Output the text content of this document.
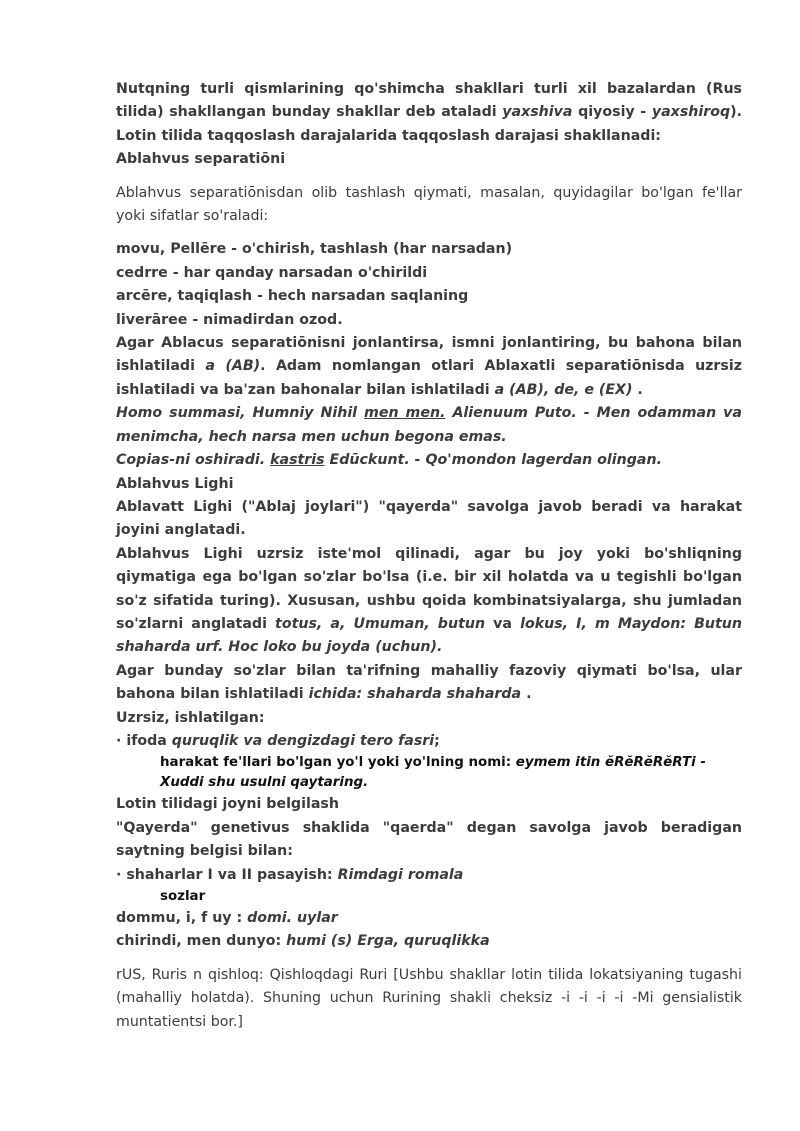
Nutqning turli qismlarining qo'shimcha shakllari turli xil bazalardan (Rus tilida) shakllangan bunday shakllar deb ataladi yaxshiva qiyosiy - yaxshiroq). Lotin tilida taqqoslash darajalarida taqqoslash darajasi shakllanadi:

Ablahvus separatiōni

Ablahvus separatiōnisdan olib tashlash qiymati, masalan, quyidagilar bo'lgan fe'llar yoki sifatlar so'raladi:

movu, Pellēre - o'chirish, tashlash (har narsadan)

cedrre - har qanday narsadan o'chirildi

arcēre, taqiqlash - hech narsadan saqlaning

liverāree - nimadirdan ozod.

Agar Ablacus separatiōnisni jonlantirsa, ismni jonlantiring, bu bahona bilan ishlatiladi a (AB). Adam nomlangan otlari Ablaxatli separatiōnisda uzrsiz ishlatiladi va ba'zan bahonalar bilan ishlatiladi a (AB), de, e (EX) .

Homo summasi, Humniy Nihil men men. Alienuum Puto. - Men odamman va menimcha, hech narsa men uchun begona emas.

Copias-ni oshiradi. kastris Edūckunt. - Qo'mondon lagerdan olingan.

Ablahvus Lighi

Ablavatt Lighi ("Ablaj joylari") "qayerda" savolga javob beradi va harakat joyini anglatadi.

Ablahvus Lighi uzrsiz iste'mol qilinadi, agar bu joy yoki bo'shliqning qiymatiga ega bo'lgan so'zlar bo'lsa (i.e. bir xil holatda va u tegishli bo'lgan so'z sifatida turing). Xususan, ushbu qoida kombinatsiyalarga, shu jumladan so'zlarni anglatadi totus, a, Umuman, butun va lokus, I, m Maydon: Butun shaharda urf. Hoc loko bu joyda (uchun).

Agar bunday so'zlar bilan ta'rifning mahalliy fazoviy qiymati bo'lsa, ular bahona bilan ishlatiladi ichida: shaharda shaharda .

Uzrsiz, ishlatilgan:

· ifoda quruqlik va dengizdagi tero fasri;

harakat fe'llari bo'lgan yo'l yoki yo'lning nomi: eymem itin ĕRĕRĕRĕRTi - Xuddi shu usulni qaytaring.

Lotin tilidagi joyni belgilash

"Qayerda" genetivus shaklida "qaerda" degan savolga javob beradigan saytning belgisi bilan:

· shaharlar I va II pasayish: Rimdagi romala

sozlar

dommu, i, f uy : domi. uylar

chirindi, men dunyo: humi (s) Erga, quruqlikka

rUS, Ruris n qishloq: Qishloqdagi Ruri [Ushbu shakllar lotin tilida lokatsiyaning tugashi (mahalliy holatda). Shuning uchun Rurining shakli cheksiz -i -i -i -i -Mi gensialistik muntatientsi bor.]
